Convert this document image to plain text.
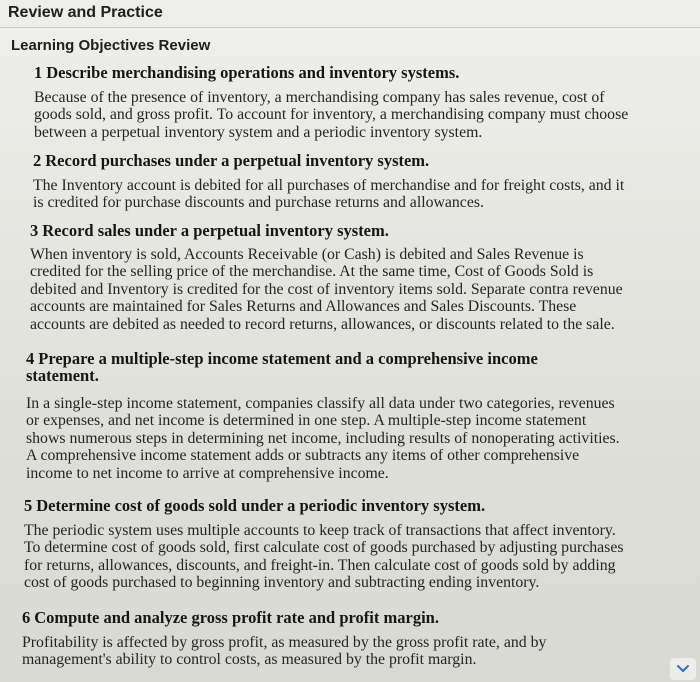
Review and Practice
Learning Objectives Review
1 Describe merchandising operations and inventory systems.
Because of the presence of inventory, a merchandising company has sales revenue, cost of
goods sold, and gross profit. To account for inventory, a merchandising company must choose
between a perpetual inventory system and a periodic inventory system.
2 Record purchases under a perpetual inventory system.
The Inventory account is debited for all purchases of merchandise and for freight costs, and it
is credited for purchase discounts and purchase returns and allowances.
3 Record sales under a perpetual inventory system.
When inventory is sold, Accounts Receivable (or Cash) is debited and Sales Revenue is
credited for the selling price of the merchandise. At the same time, Cost of Goods Sold is
debited and Inventory is credited for the cost of inventory items sold. Separate contra revenue
accounts are maintained for Sales Returns and Allowances and Sales Discounts. These
accounts are debited as needed to record returns, allowances, or discounts related to the sale.
4 Prepare a multiple-step income statement and a comprehensive income
statement.
In a single-step income statement, companies classify all data under two categories, revenues
or expenses, and net income is determined in one step. A multiple-step income statement
shows numerous steps in determining net income, including results of nonoperating activities.
A comprehensive income statement adds or subtracts any items of other comprehensive
income to net income to arrive at comprehensive income.
5 Determine cost of goods sold under a periodic inventory system.
The periodic system uses multiple accounts to keep track of transactions that affect inventory.
To determine cost of goods sold, first calculate cost of goods purchased by adjusting purchases
for returns, allowances, discounts, and freight-in. Then calculate cost of goods sold by adding
cost of goods purchased to beginning inventory and subtracting ending inventory.
6 Compute and analyze gross profit rate and profit margin.
Profitability is affected by gross profit, as measured by the gross profit rate, and by
management's ability to control costs, as measured by the profit margin.
